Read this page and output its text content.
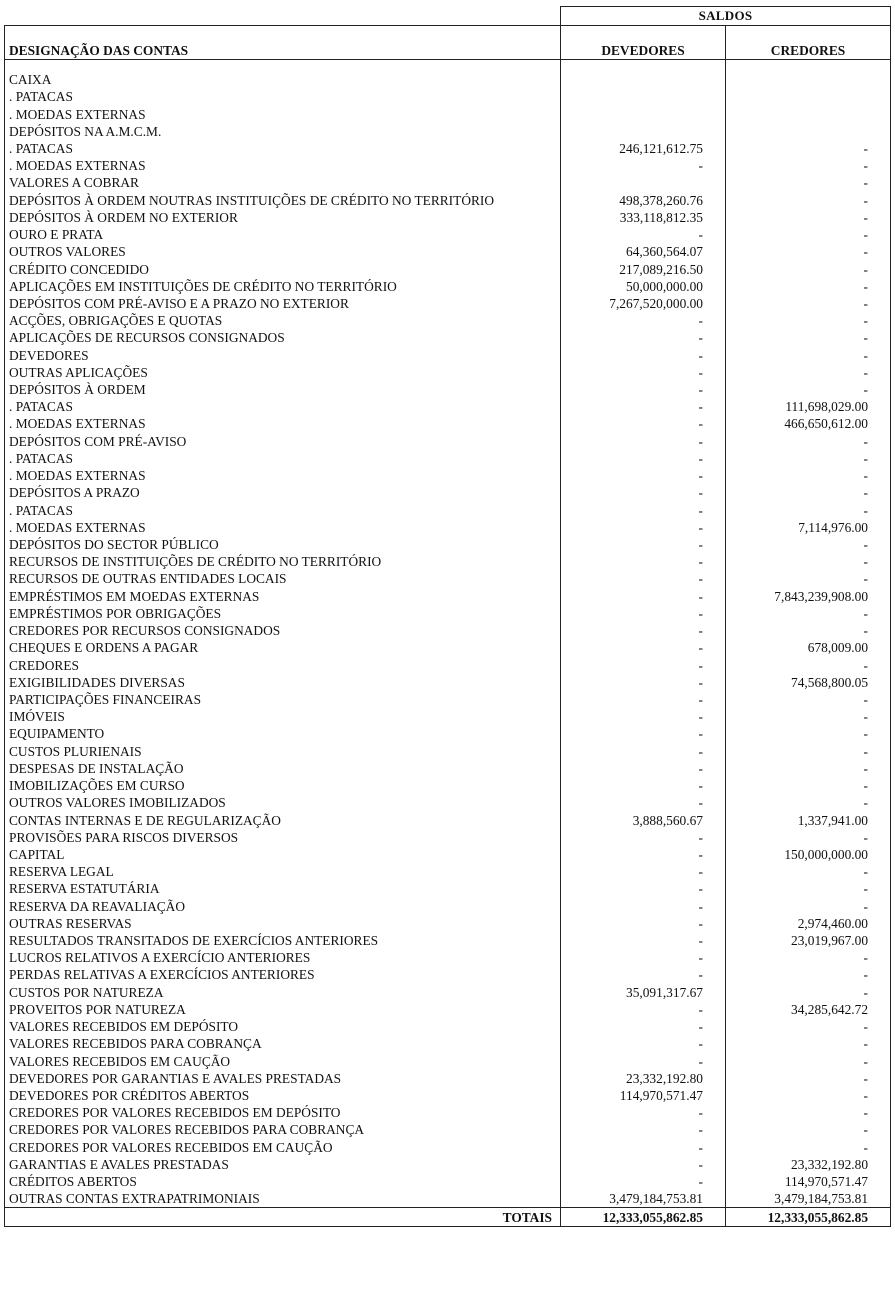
	SALDOS	
DESIGNAÇÃO DAS CONTAS	DEVEDORES	CREDORES

CAIXA		
. PATACAS		
. MOEDAS EXTERNAS		
DEPÓSITOS NA A.M.C.M.		
. PATACAS	246,121,612.75	-
. MOEDAS EXTERNAS	-	-
VALORES A COBRAR		-
DEPÓSITOS À ORDEM NOUTRAS INSTITUIÇÕES DE CRÉDITO NO TERRITÓRIO	498,378,260.76	-
DEPÓSITOS À ORDEM NO EXTERIOR	333,118,812.35	-
OURO E PRATA	-	-
OUTROS VALORES	64,360,564.07	-
CRÉDITO CONCEDIDO	217,089,216.50	-
APLICAÇÕES EM INSTITUIÇÕES DE CRÉDITO NO TERRITÓRIO	50,000,000.00	-
DEPÓSITOS COM PRÉ-AVISO E A PRAZO NO EXTERIOR	7,267,520,000.00	-
ACÇÕES, OBRIGAÇÕES E QUOTAS	-	-
APLICAÇÕES DE RECURSOS CONSIGNADOS	-	-
DEVEDORES	-	-
OUTRAS APLICAÇÕES	-	-
DEPÓSITOS À ORDEM	-	-
. PATACAS	-	111,698,029.00
. MOEDAS EXTERNAS	-	466,650,612.00
DEPÓSITOS COM PRÉ-AVISO	-	-
. PATACAS	-	-
. MOEDAS EXTERNAS	-	-
DEPÓSITOS A PRAZO	-	-
. PATACAS	-	-
. MOEDAS EXTERNAS	-	7,114,976.00
DEPÓSITOS DO SECTOR PÚBLICO	-	-
RECURSOS DE INSTITUIÇÕES DE CRÉDITO NO TERRITÓRIO	-	-
RECURSOS DE OUTRAS ENTIDADES LOCAIS	-	-
EMPRÉSTIMOS EM MOEDAS EXTERNAS	-	7,843,239,908.00
EMPRÉSTIMOS POR OBRIGAÇÕES	-	-
CREDORES POR RECURSOS CONSIGNADOS	-	-
CHEQUES E ORDENS A PAGAR	-	678,009.00
CREDORES	-	-
EXIGIBILIDADES DIVERSAS	-	74,568,800.05
PARTICIPAÇÕES FINANCEIRAS	-	-
IMÓVEIS	-	-
EQUIPAMENTO	-	-
CUSTOS PLURIENAIS	-	-
DESPESAS DE INSTALAÇÃO	-	-
IMOBILIZAÇÕES EM CURSO	-	-
OUTROS VALORES IMOBILIZADOS	-	-
CONTAS INTERNAS E DE REGULARIZAÇÃO	3,888,560.67	1,337,941.00
PROVISÕES PARA RISCOS DIVERSOS	-	-
CAPITAL	-	150,000,000.00
RESERVA LEGAL	-	-
RESERVA ESTATUTÁRIA	-	-
RESERVA DA REAVALIAÇÃO	-	-
OUTRAS RESERVAS	-	2,974,460.00
RESULTADOS TRANSITADOS DE EXERCÍCIOS ANTERIORES	-	23,019,967.00
LUCROS RELATIVOS A EXERCÍCIO ANTERIORES	-	-
PERDAS RELATIVAS A EXERCÍCIOS ANTERIORES	-	-
CUSTOS POR NATUREZA	35,091,317.67	-
PROVEITOS POR NATUREZA	-	34,285,642.72
VALORES RECEBIDOS EM DEPÓSITO	-	-
VALORES RECEBIDOS PARA COBRANÇA	-	-
VALORES RECEBIDOS EM CAUÇÃO	-	-
DEVEDORES POR GARANTIAS E AVALES PRESTADAS	23,332,192.80	-
DEVEDORES POR CRÉDITOS ABERTOS	114,970,571.47	-
CREDORES POR VALORES RECEBIDOS EM DEPÓSITO	-	-
CREDORES POR VALORES RECEBIDOS PARA COBRANÇA	-	-
CREDORES POR VALORES RECEBIDOS EM CAUÇÃO	-	-
GARANTIAS E AVALES PRESTADAS	-	23,332,192.80
CRÉDITOS ABERTOS	-	114,970,571.47
OUTRAS CONTAS EXTRAPATRIMONIAIS	3,479,184,753.81	3,479,184,753.81
TOTAIS	12,333,055,862.85	12,333,055,862.85
